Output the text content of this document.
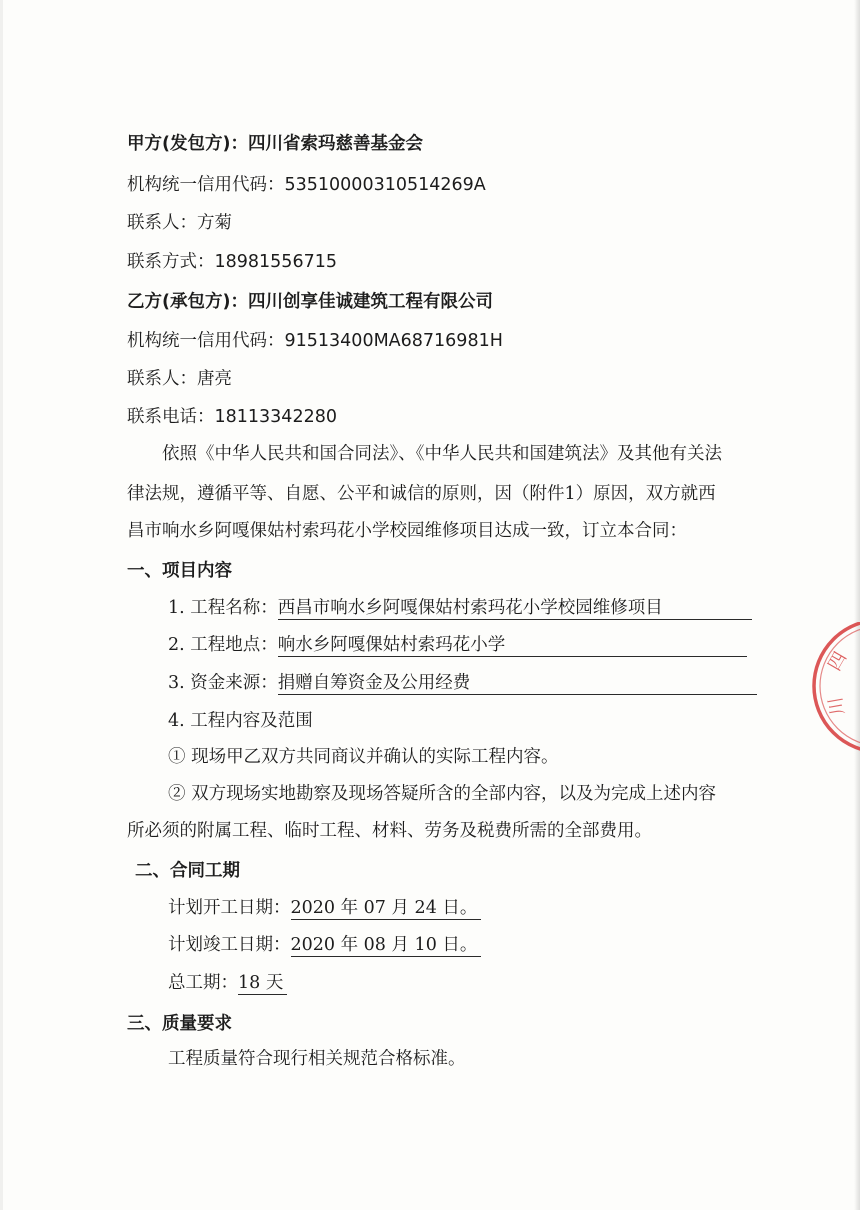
甲方(发包方)：四川省索玛慈善基金会
机构统一信用代码：53510000310514269A
联系人：方菊
联系方式：18981556715
乙方(承包方)：四川创享佳诚建筑工程有限公司
机构统一信用代码：91513400MA68716981H
联系人：唐亮
联系电话：18113342280
依照《中华人民共和国合同法》、《中华人民共和国建筑法》及其他有关法
律法规，遵循平等、自愿、公平和诚信的原则，因（附件1）原因，双方就西
昌市响水乡阿嘎倮姑村索玛花小学校园维修项目达成一致，订立本合同：
一、项目内容
1. 工程名称：西昌市响水乡阿嘎倮姑村索玛花小学校园维修项目
2. 工程地点：响水乡阿嘎倮姑村索玛花小学
3. 资金来源：捐赠自筹资金及公用经费
4. 工程内容及范围
① 现场甲乙双方共同商议并确认的实际工程内容。
② 双方现场实地勘察及现场答疑所含的全部内容，以及为完成上述内容
所必须的附属工程、临时工程、材料、劳务及税费所需的全部费用。
二、合同工期
计划开工日期：2020 年 07 月 24 日。
计划竣工日期：2020 年 08 月 10 日。
总工期：18 天
三、质量要求
工程质量符合现行相关规范合格标准。
四
川
